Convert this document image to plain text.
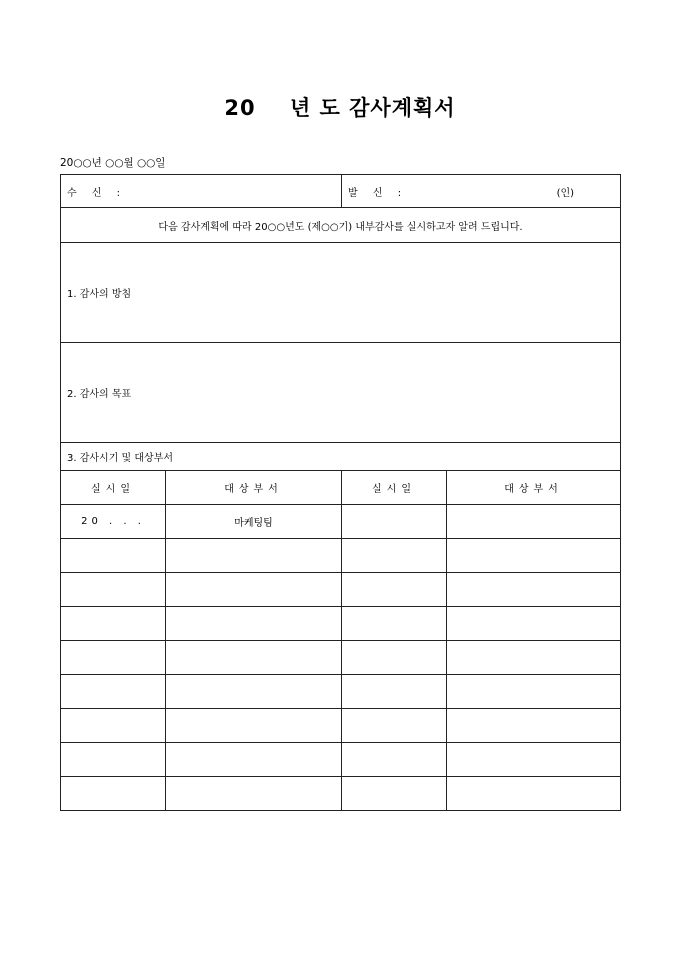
20 년 도 감사계획서
20○○년 ○○월 ○○일
수 신 :		발 신 : (인)	

다음 감사계획에 따라 20○○년도 (제○○기) 내부감사를 실시하고자 알려 드립니다.			
1. 감사의 방침			
2. 감사의 목표			
3. 감사시기 및 대상부서			
실시일	대상부서	실시일	대상부서
20 . . .	마케팅팀		
